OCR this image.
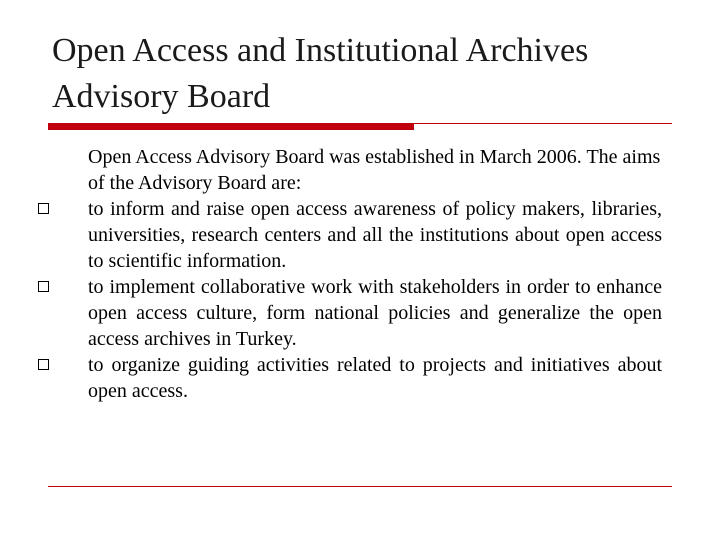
Open Access and Institutional Archives Advisory Board

Open Access Advisory Board was established in March 2006. The aims of the Advisory Board are:

to inform and raise open access awareness of policy makers, libraries, universities, research centers and all the institutions about open access to scientific information.
to implement collaborative work with stakeholders in order to enhance open access culture, form national policies and generalize the open access archives in Turkey.
to organize guiding activities related to projects and initiatives about open access.
